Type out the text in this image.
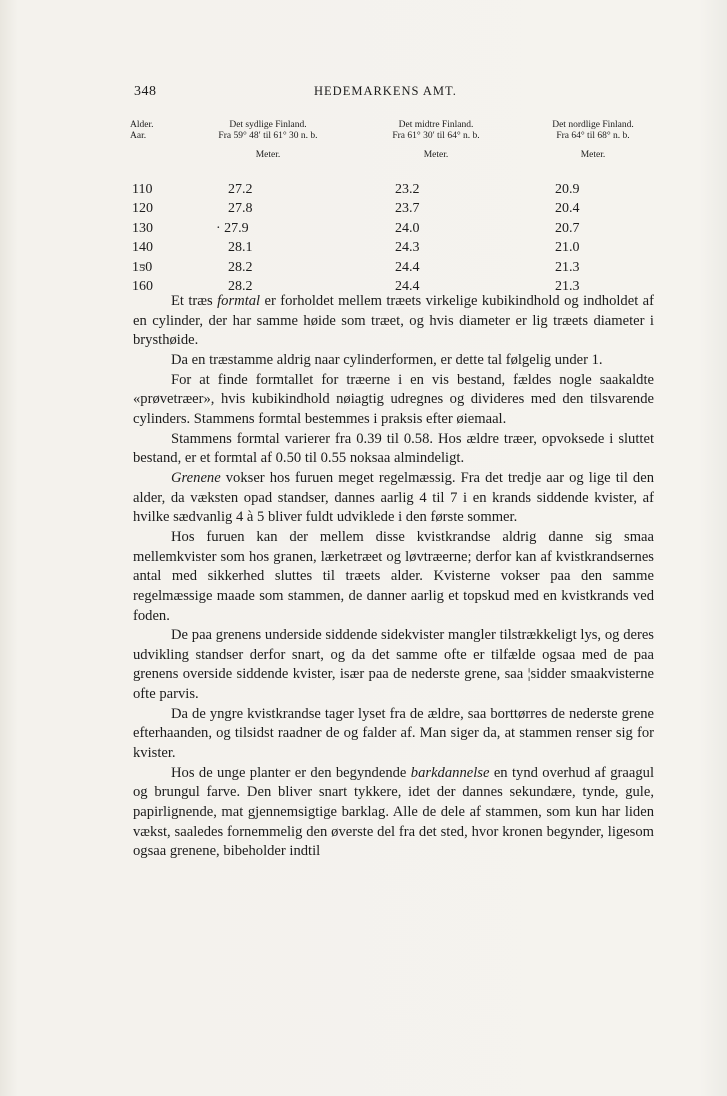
348	HEDEMARKENS AMT.
Alder.
Aar.
Det sydlige Finland.
Fra 59° 48′ til 61° 30 n. b.
Det midtre Finland.
Fra 61° 30′ til 64° n. b.
Det nordlige Finland.
Fra 64° til 68° n. b.
Meter.	Meter.	Meter.
110	27.2	23.2	20.9
120	27.8	23.7	20.4
130	· 27.9	24.0	20.7
140	28.1	24.3	21.0
1ƽ0	28.2	24.4	21.3
160	28.2	24.4	21.3

Et træs formtal er forholdet mellem træets virkelige kubikindhold og indholdet af en cylinder, der har samme høide som træet, og hvis diameter er lig træets diameter i brysthøide.

Da en træstamme aldrig naar cylinderformen, er dette tal følgelig under 1.

For at finde formtallet for træerne i en vis bestand, fældes nogle saakaldte «prøvetræer», hvis kubikindhold nøiagtig udregnes og divideres med den tilsvarende cylinders. Stammens formtal bestemmes i praksis efter øiemaal.

Stammens formtal varierer fra 0.39 til 0.58. Hos ældre træer, opvoksede i sluttet bestand, er et formtal af 0.50 til 0.55 noksaa almindeligt.

Grenene vokser hos furuen meget regelmæssig. Fra det tredje aar og lige til den alder, da væksten opad standser, dannes aarlig 4 til 7 i en krands siddende kvister, af hvilke sædvanlig 4 à 5 bliver fuldt udviklede i den første sommer.

Hos furuen kan der mellem disse kvistkrandse aldrig danne sig smaa mellemkvister som hos granen, lærketræet og løvtræerne; derfor kan af kvistkrandsernes antal med sikkerhed sluttes til træets alder. Kvisterne vokser paa den samme regelmæssige maade som stammen, de danner aarlig et topskud med en kvistkrands ved foden.

De paa grenens underside siddende sidekvister mangler tilstrækkeligt lys, og deres udvikling standser derfor snart, og da det samme ofte er tilfælde ogsaa med de paa grenens overside siddende kvister, især paa de nederste grene, saa ¦sidder smaakvisterne ofte parvis.

Da de yngre kvistkrandse tager lyset fra de ældre, saa borttørres de nederste grene efterhaanden, og tilsidst raadner de og falder af. Man siger da, at stammen renser sig for kvister.

Hos de unge planter er den begyndende barkdannelse en tynd overhud af graagul og brungul farve. Den bliver snart tykkere, idet der dannes sekundære, tynde, gule, papirlignende, mat gjennemsigtige barklag. Alle de dele af stammen, som kun har liden vækst, saaledes fornemmelig den øverste del fra det sted, hvor kronen begynder, ligesom ogsaa grenene, bibeholder indtil
